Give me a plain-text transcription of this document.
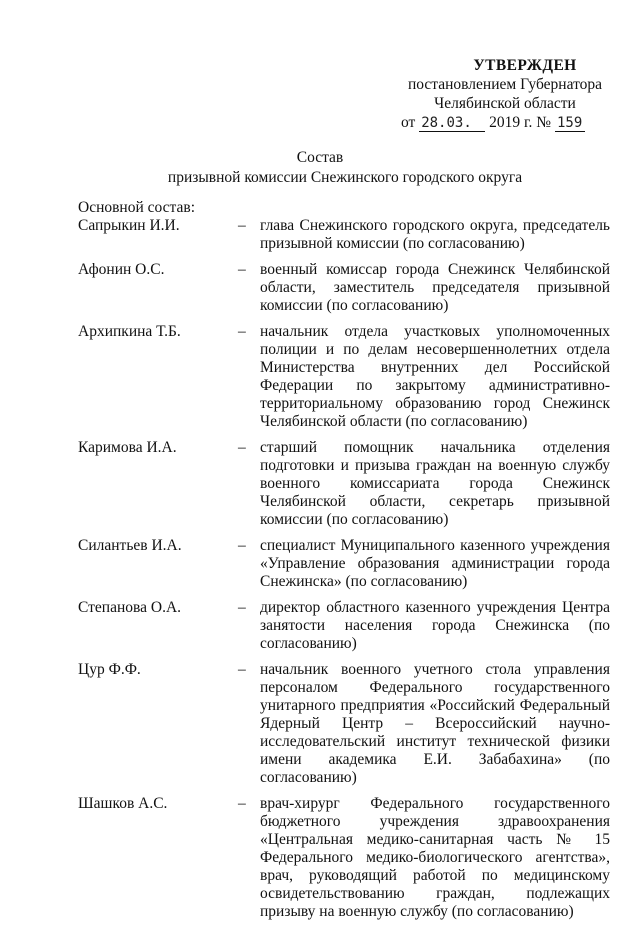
УТВЕРЖДЕН
постановлением Губернатора
Челябинской области
от 28.03. 2019 г. № 159
Состав
призывной комиссии Снежинского городского округа
Основной состав:
Сапрыкин И.И.	– глава Снежинского городского округа, председатель призывной комиссии (по согласованию)
Афонин О.С.	– военный комиссар города Снежинск Челябинской области, заместитель председателя призывной комиссии (по согласованию)
Архипкина Т.Б.	– начальник отдела участковых уполномоченных полиции и по делам несовершеннолетних отдела Министерства внутренних дел Российской Федерации по закрытому административно-территориальному образованию город Снежинск Челябинской области (по согласованию)
Каримова И.А.	– старший помощник начальника отделения подготовки и призыва граждан на военную службу военного комиссариата города Снежинск Челябинской области, секретарь призывной комиссии (по согласованию)
Силантьев И.А.	– специалист Муниципального казенного учреждения «Управление образования администрации города Снежинска» (по согласованию)
Степанова О.А.	– директор областного казенного учреждения Центра занятости населения города Снежинска (по согласованию)
Цур Ф.Ф.	– начальник военного учетного стола управления персоналом Федерального государственного унитарного предприятия «Российский Федеральный Ядерный Центр – Всероссийский научно-исследовательский институт технической физики имени академика Е.И. Забабахина» (по согласованию)
Шашков А.С.	– врач-хирург Федерального государственного бюджетного учреждения здравоохранения «Центральная медико-санитарная часть № 15 Федерального медико-биологического агентства», врач, руководящий работой по медицинскому освидетельствованию граждан, подлежащих призыву на военную службу (по согласованию)
